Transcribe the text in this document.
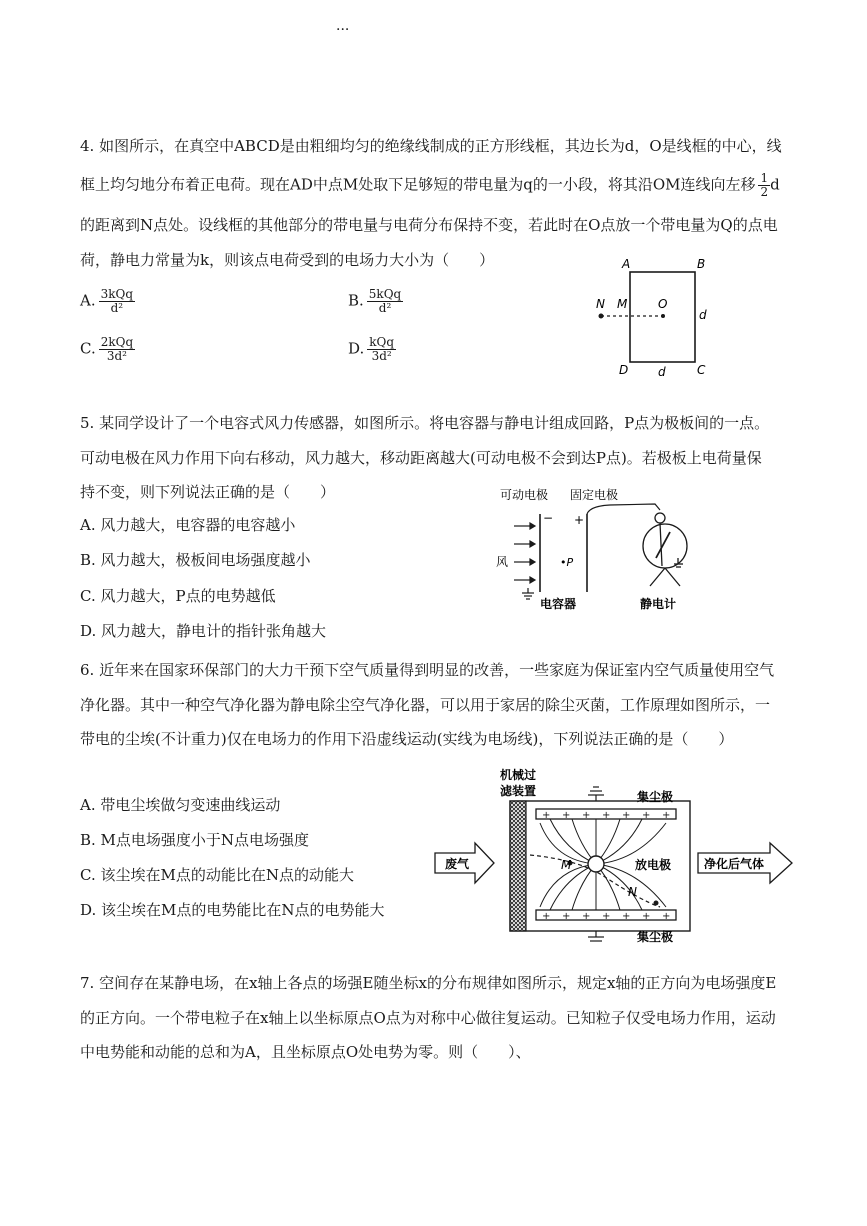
···
4. 如图所示，在真空中ABCD是由粗细均匀的绝缘线制成的正方形线框，其边长为d，O是线框的中心，线
框上均匀地分布着正电荷。现在AD中点M处取下足够短的带电量为q的一小段，将其沿OM连线向左移 $\frac{1}{2}$ d
的距离到N点处。设线框的其他部分的带电量与电荷分布保持不变，若此时在O点放一个带电量为Q的点电
荷，静电力常量为k，则该点电荷受到的电场力大小为（　　）
A. $\frac{\text{3kQq}}{\text{d²}}$	B. $\frac{\text{5kQq}}{\text{d²}}$
C. $\frac{\text{2kQq}}{\text{3d²}}$	D. $\frac{\text{kQq}}{\text{3d²}}$
A	B
C
D
N M	O
d
d
5. 某同学设计了一个电容式风力传感器，如图所示。将电容器与静电计组成回路，P点为极板间的一点。
可动电极在风力作用下向右移动，风力越大，移动距离越大(可动电极不会到达P点)。若极板上电荷量保
持不变，则下列说法正确的是（　　）
A. 风力越大，电容器的电容越小
B. 风力越大，极板间电场强度越小
C. 风力越大，P点的电势越低
D. 风力越大，静电计的指针张角越大
可动电极 固定电极
− +
风	•P
电容器	静电计
6. 近年来在国家环保部门的大力干预下空气质量得到明显的改善，一些家庭为保证室内空气质量使用空气
净化器。其中一种空气净化器为静电除尘空气净化器，可以用于家居的除尘灭菌，工作原理如图所示，一
带电的尘埃(不计重力)仅在电场力的作用下沿虚线运动(实线为电场线)，下列说法正确的是（　　）
A. 带电尘埃做匀变速曲线运动
B. M点电场强度小于N点电场强度
C. 该尘埃在M点的动能比在N点的动能大
D. 该尘埃在M点的电势能比在N点的电势能大
机械过
滤装置
+ + + + + + +
+ + + + + + +
M
N
集尘极
集尘极
放电极
废气	净化后气体
7. 空间存在某静电场，在x轴上各点的场强E随坐标x的分布规律如图所示，规定x轴的正方向为电场强度E
的正方向。一个带电粒子在x轴上以坐标原点O点为对称中心做往复运动。已知粒子仅受电场力作用，运动
中电势能和动能的总和为A，且坐标原点O处电势为零。则（　　）、
